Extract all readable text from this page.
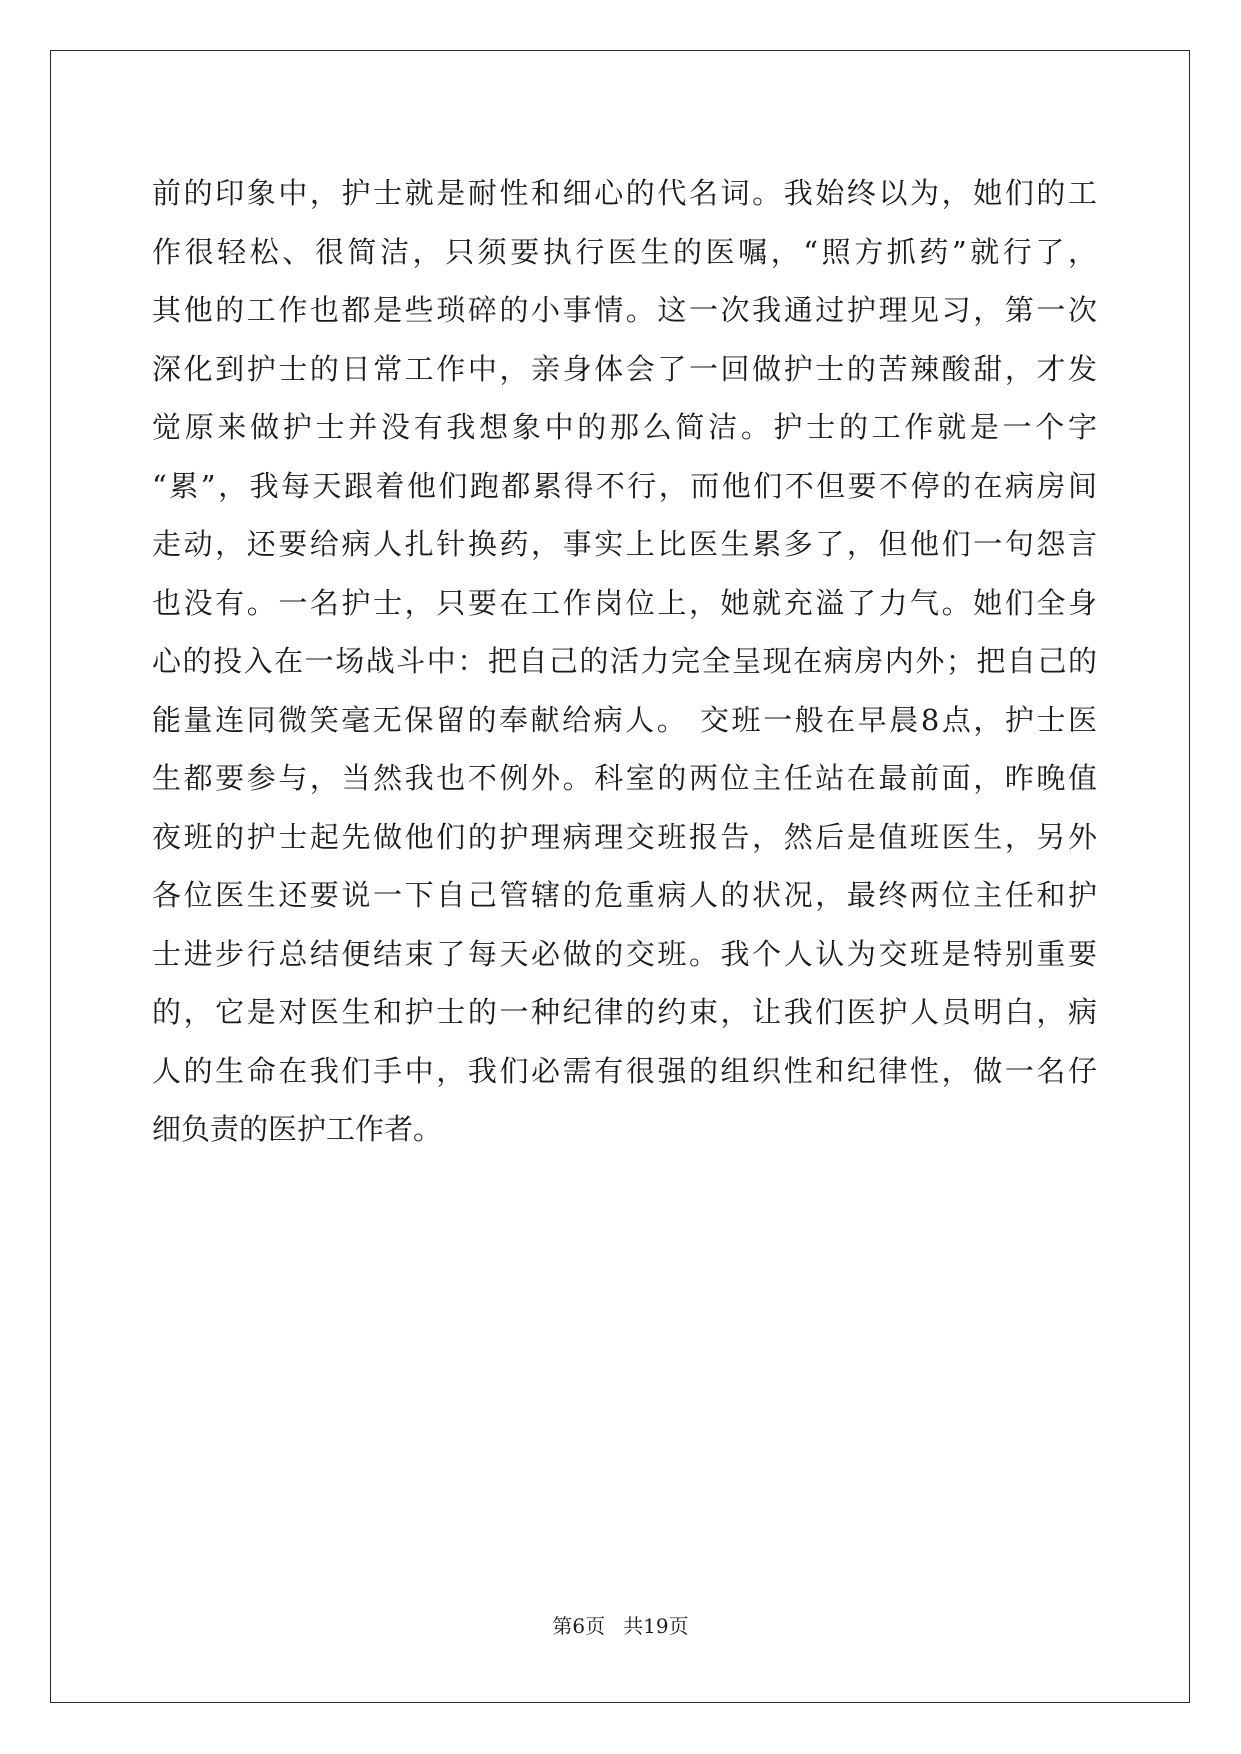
前的印象中，护士就是耐性和细心的代名词。我始终以为，她们的工
作很轻松、很简洁，只须要执行医生的医嘱，“照方抓药”就行了，
其他的工作也都是些琐碎的小事情。这一次我通过护理见习，第一次
深化到护士的日常工作中，亲身体会了一回做护士的苦辣酸甜，才发
觉原来做护士并没有我想象中的那么简洁。护士的工作就是一个字
“累”，我每天跟着他们跑都累得不行，而他们不但要不停的在病房间
走动，还要给病人扎针换药，事实上比医生累多了，但他们一句怨言
也没有。一名护士，只要在工作岗位上，她就充溢了力气。她们全身
心的投入在一场战斗中：把自己的活力完全呈现在病房内外；把自己的
能量连同微笑毫无保留的奉献给病人。 交班一般在早晨8点，护士医
生都要参与，当然我也不例外。科室的两位主任站在最前面，昨晚值
夜班的护士起先做他们的护理病理交班报告，然后是值班医生，另外
各位医生还要说一下自己管辖的危重病人的状况，最终两位主任和护
士进步行总结便结束了每天必做的交班。我个人认为交班是特别重要
的，它是对医生和护士的一种纪律的约束，让我们医护人员明白，病
人的生命在我们手中，我们必需有很强的组织性和纪律性，做一名仔
细负责的医护工作者。
第6页 共19页
